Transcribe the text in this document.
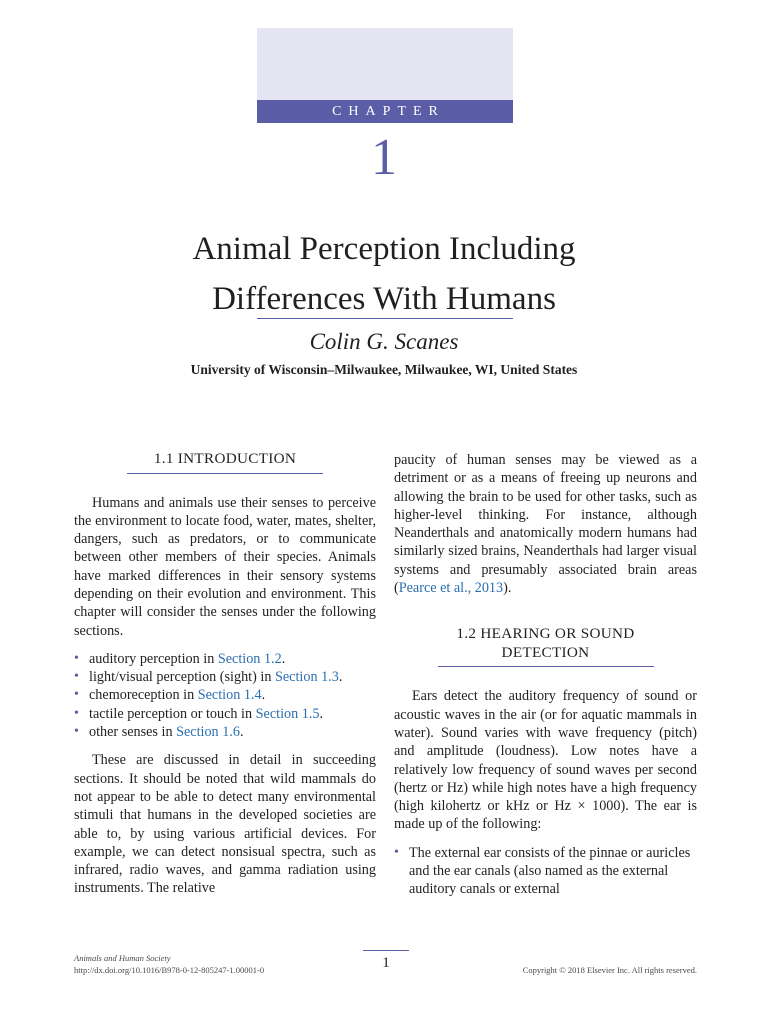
CHAPTER
1
Animal Perception Including
Differences With Humans
Colin G. Scanes
University of Wisconsin–Milwaukee, Milwaukee, WI, United States
1.1 INTRODUCTION

Humans and animals use their senses to perceive the environment to locate food, water, mates, shelter, dangers, such as predators, or to communicate between other members of their species. Animals have marked differences in their sensory systems depending on their evolution and environment. This chapter will consider the senses under the following sections.

• auditory perception in Section 1.2.
• light/visual perception (sight) in Section 1.3.
• chemoreception in Section 1.4.
• tactile perception or touch in Section 1.5.
• other senses in Section 1.6.

These are discussed in detail in succeeding sections. It should be noted that wild mammals do not appear to be able to detect many environmental stimuli that humans in the developed societies are able to, by using various artificial devices. For example, we can detect nonsisual spectra, such as infrared, radio waves, and gamma radiation using instruments. The relative

paucity of human senses may be viewed as a detriment or as a means of freeing up neurons and allowing the brain to be used for other tasks, such as higher-level thinking. For instance, although Neanderthals and anatomically modern humans had similarly sized brains, Neanderthals had larger visual systems and presumably associated brain areas (Pearce et al., 2013).

1.2 HEARING OR SOUND
DETECTION

Ears detect the auditory frequency of sound or acoustic waves in the air (or for aquatic mammals in water). Sound varies with wave frequency (pitch) and amplitude (loudness). Low notes have a relatively low frequency of sound waves per second (hertz or Hz) while high notes have a high frequency (high kilohertz or kHz or Hz × 1000). The ear is made up of the following:

• The external ear consists of the pinnae or auricles and the ear canals (also named as the external auditory canals or external
Animals and Human Society
http://dx.doi.org/10.1016/B978-0-12-805247-1.00001-0	1	Copyright © 2018 Elsevier Inc. All rights reserved.
